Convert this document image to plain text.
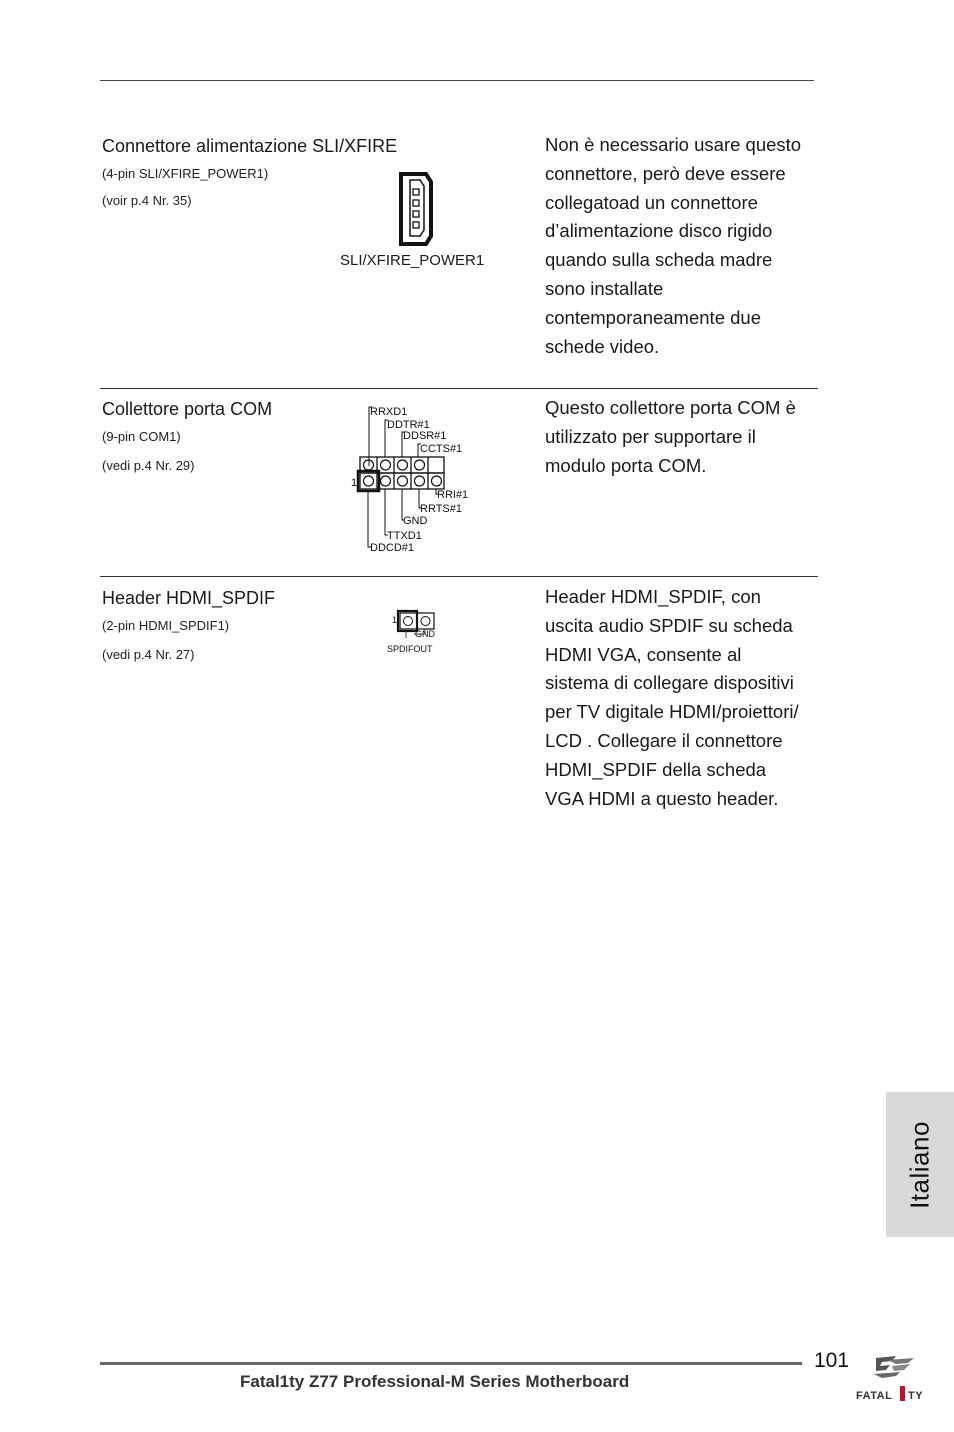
Connettore alimentazione SLI/XFIRE
(4-pin SLI/XFIRE_POWER1)
(voir p.4 Nr. 35)
SLI/XFIRE_POWER1
Non è necessario usare questo
connettore, però deve essere
collegatoad un connettore
d’alimentazione disco rigido
quando sulla scheda madre
sono installate
contemporaneamente due
schede video.
Collettore porta COM
(9-pin COM1)
(vedi p.4 Nr. 29)
RRXD1
DDTR#1
DDSR#1
CCTS#1
RRI#1
RRTS#1
GND
TTXD1
DDCD#1
1
Questo collettore porta COM è
utilizzato per supportare il
modulo porta COM.
Header HDMI_SPDIF
(2-pin HDMI_SPDIF1)
(vedi p.4 Nr. 27)
1
GND
SPDIFOUT
Header HDMI_SPDIF, con
uscita audio SPDIF su scheda
HDMI VGA, consente al
sistema di collegare dispositivi
per TV digitale HDMI/proiettori/
LCD . Collegare il connettore
HDMI_SPDIF della scheda
VGA HDMI a questo header.
Italiano
101
Fatal1ty Z77 Professional-M Series Motherboard
FATAL TY
